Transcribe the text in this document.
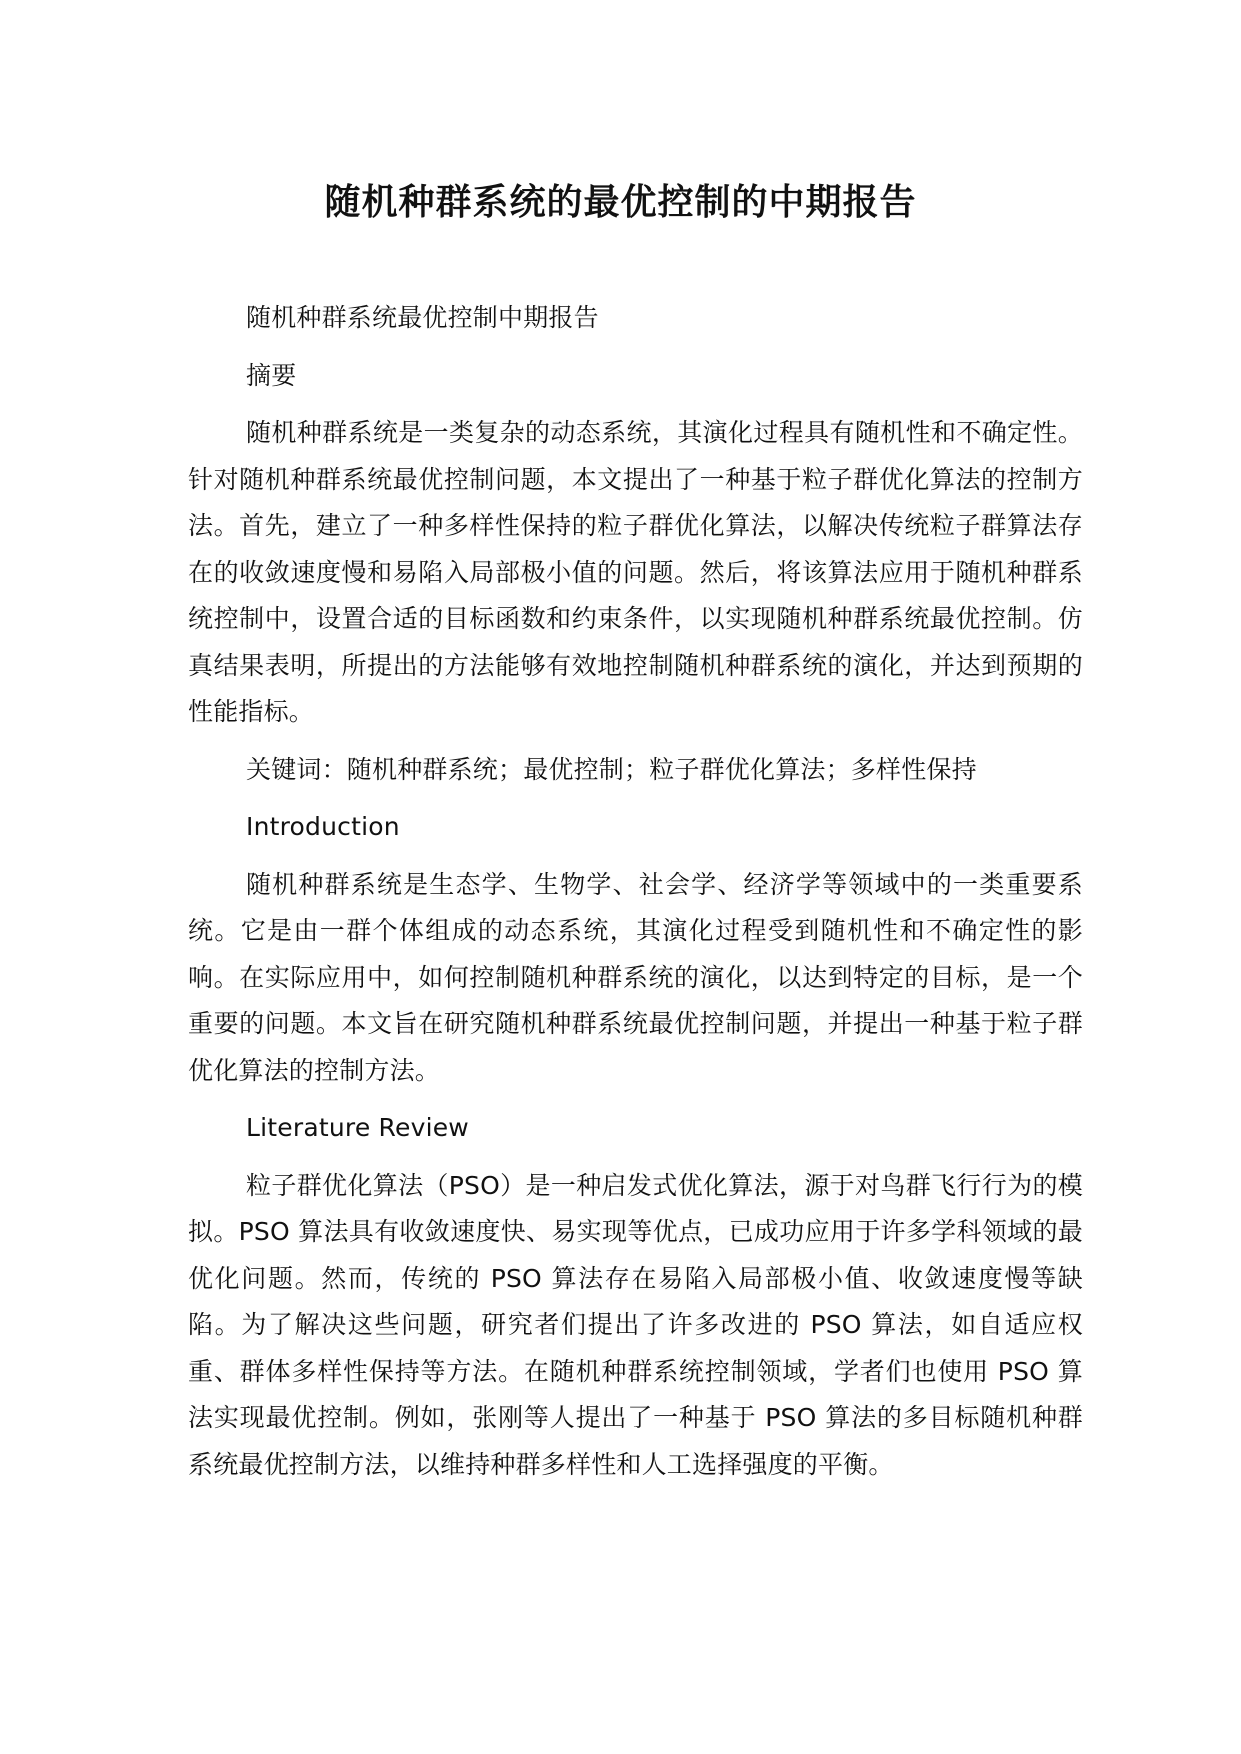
随机种群系统的最优控制的中期报告

随机种群系统最优控制中期报告

摘要

随机种群系统是一类复杂的动态系统，其演化过程具有随机性和不确定性。针对随机种群系统最优控制问题，本文提出了一种基于粒子群优化算法的控制方法。首先，建立了一种多样性保持的粒子群优化算法，以解决传统粒子群算法存在的收敛速度慢和易陷入局部极小值的问题。然后，将该算法应用于随机种群系统控制中，设置合适的目标函数和约束条件，以实现随机种群系统最优控制。仿真结果表明，所提出的方法能够有效地控制随机种群系统的演化，并达到预期的性能指标。

关键词：随机种群系统；最优控制；粒子群优化算法；多样性保持

Introduction

随机种群系统是生态学、生物学、社会学、经济学等领域中的一类重要系统。它是由一群个体组成的动态系统，其演化过程受到随机性和不确定性的影响。在实际应用中，如何控制随机种群系统的演化，以达到特定的目标，是一个重要的问题。本文旨在研究随机种群系统最优控制问题，并提出一种基于粒子群优化算法的控制方法。

Literature Review

粒子群优化算法（PSO）是一种启发式优化算法，源于对鸟群飞行行为的模拟。PSO 算法具有收敛速度快、易实现等优点，已成功应用于许多学科领域的最优化问题。然而，传统的 PSO 算法存在易陷入局部极小值、收敛速度慢等缺陷。为了解决这些问题，研究者们提出了许多改进的 PSO 算法，如自适应权重、群体多样性保持等方法。在随机种群系统控制领域，学者们也使用 PSO 算法实现最优控制。例如，张刚等人提出了一种基于 PSO 算法的多目标随机种群系统最优控制方法，以维持种群多样性和人工选择强度的平衡。
